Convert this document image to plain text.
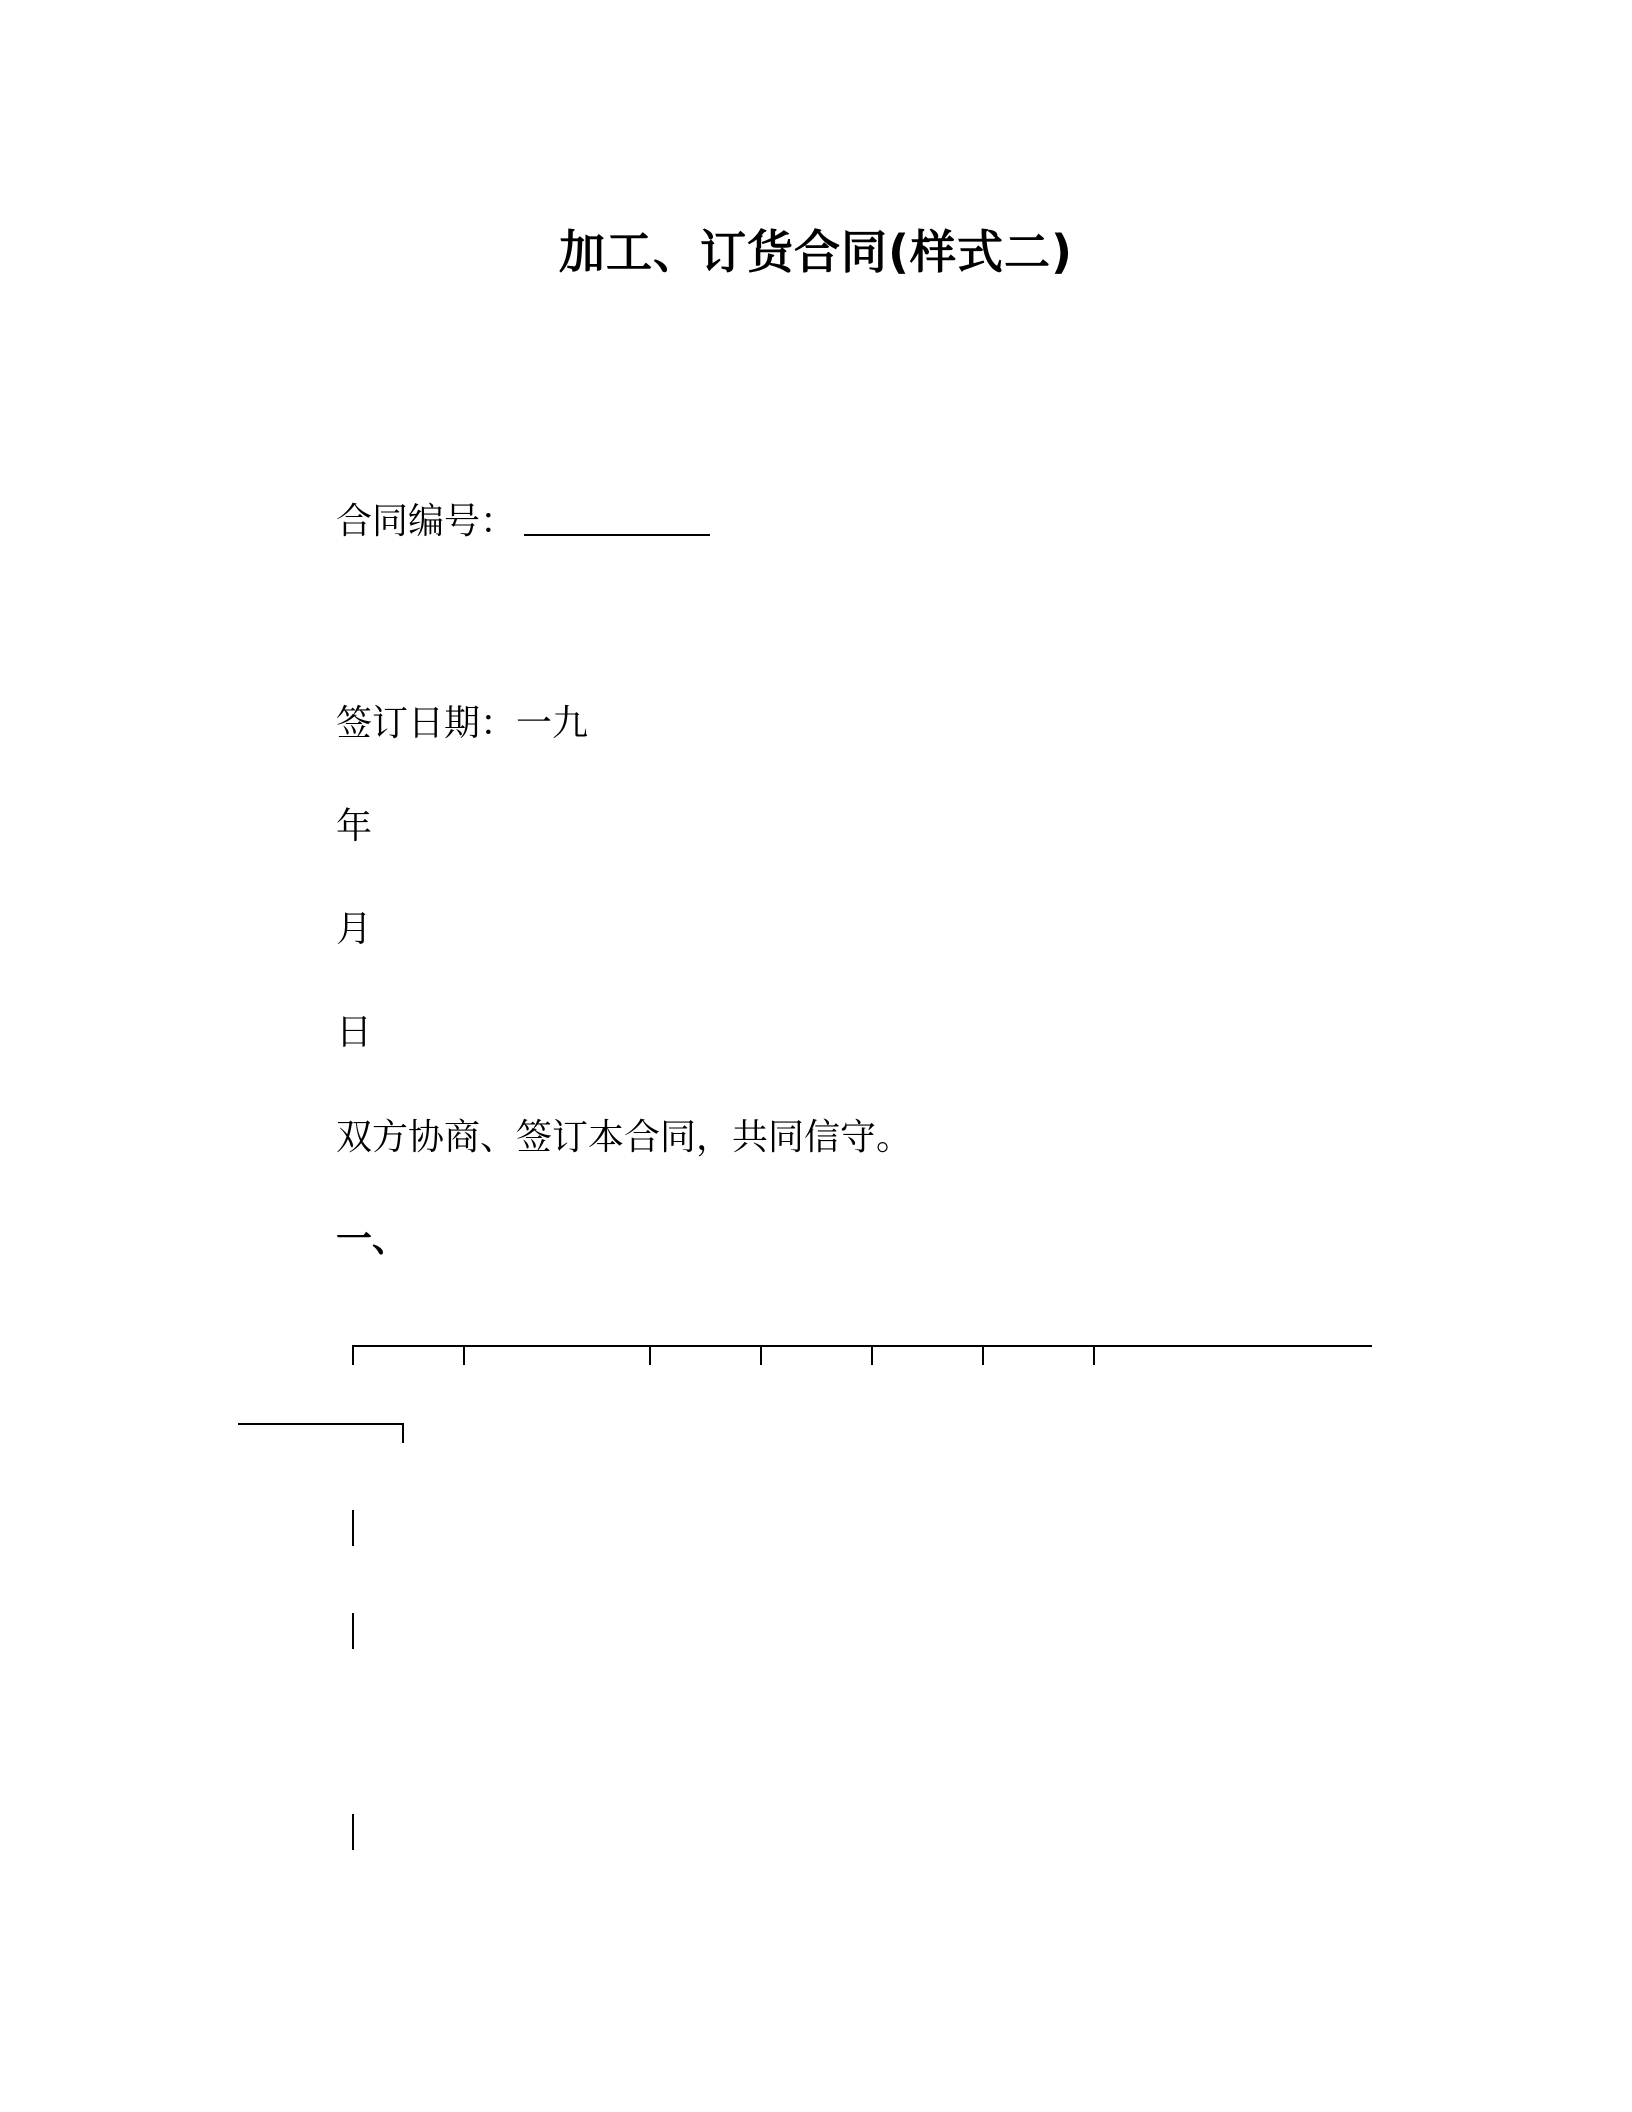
加工、订货合同(样式二)
合同编号：
签订日期：一九
年
月
日
双方协商、签订本合同，共同信守。
一、
